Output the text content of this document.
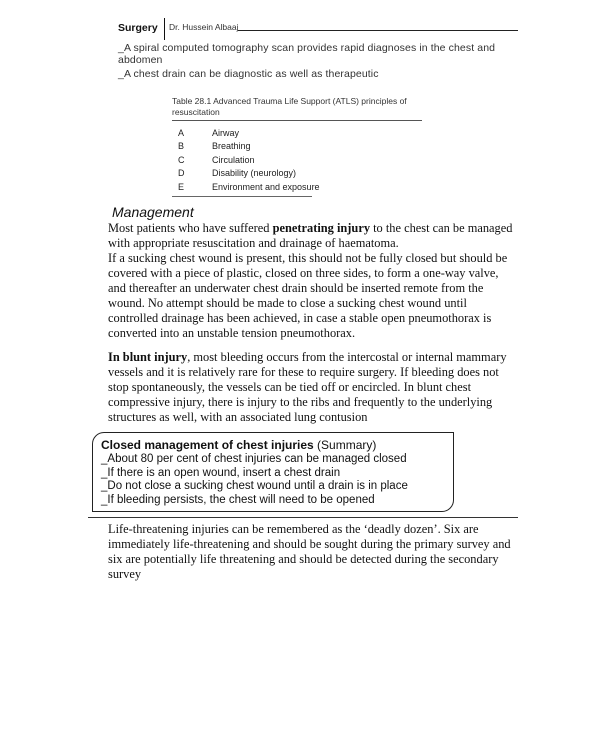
Surgery Dr. Hussein Albaaj
_A spiral computed tomography scan provides rapid diagnoses in the chest and
abdomen
_A chest drain can be diagnostic as well as therapeutic
Table 28.1 Advanced Trauma Life Support (ATLS) principles of resuscitation
A	Airway
B	Breathing
C	Circulation
D	Disability (neurology)
E	Environment and exposure
Management

Most patients who have suffered penetrating injury to the chest can be managed with appropriate resuscitation and drainage of haematoma.

If a sucking chest wound is present, this should not be fully closed but should be covered with a piece of plastic, closed on three sides, to form a one-way valve, and thereafter an underwater chest drain should be inserted remote from the wound. No attempt should be made to close a sucking chest wound until controlled drainage has been achieved, in case a stable open pneumothorax is converted into an unstable tension pneumothorax.

In blunt injury, most bleeding occurs from the intercostal or internal mammary vessels and it is relatively rare for these to require surgery. If bleeding does not stop spontaneously, the vessels can be tied off or encircled. In blunt chest compressive injury, there is injury to the ribs and frequently to the underlying structures as well, with an associated lung contusion

Closed management of chest injuries (Summary)
_About 80 per cent of chest injuries can be managed closed
_If there is an open wound, insert a chest drain
_Do not close a sucking chest wound until a drain is in place
_If bleeding persists, the chest will need to be opened

Life-threatening injuries can be remembered as the ‘deadly dozen’. Six are immediately life-threatening and should be sought during the primary survey and six are potentially life threatening and should be detected during the secondary survey
